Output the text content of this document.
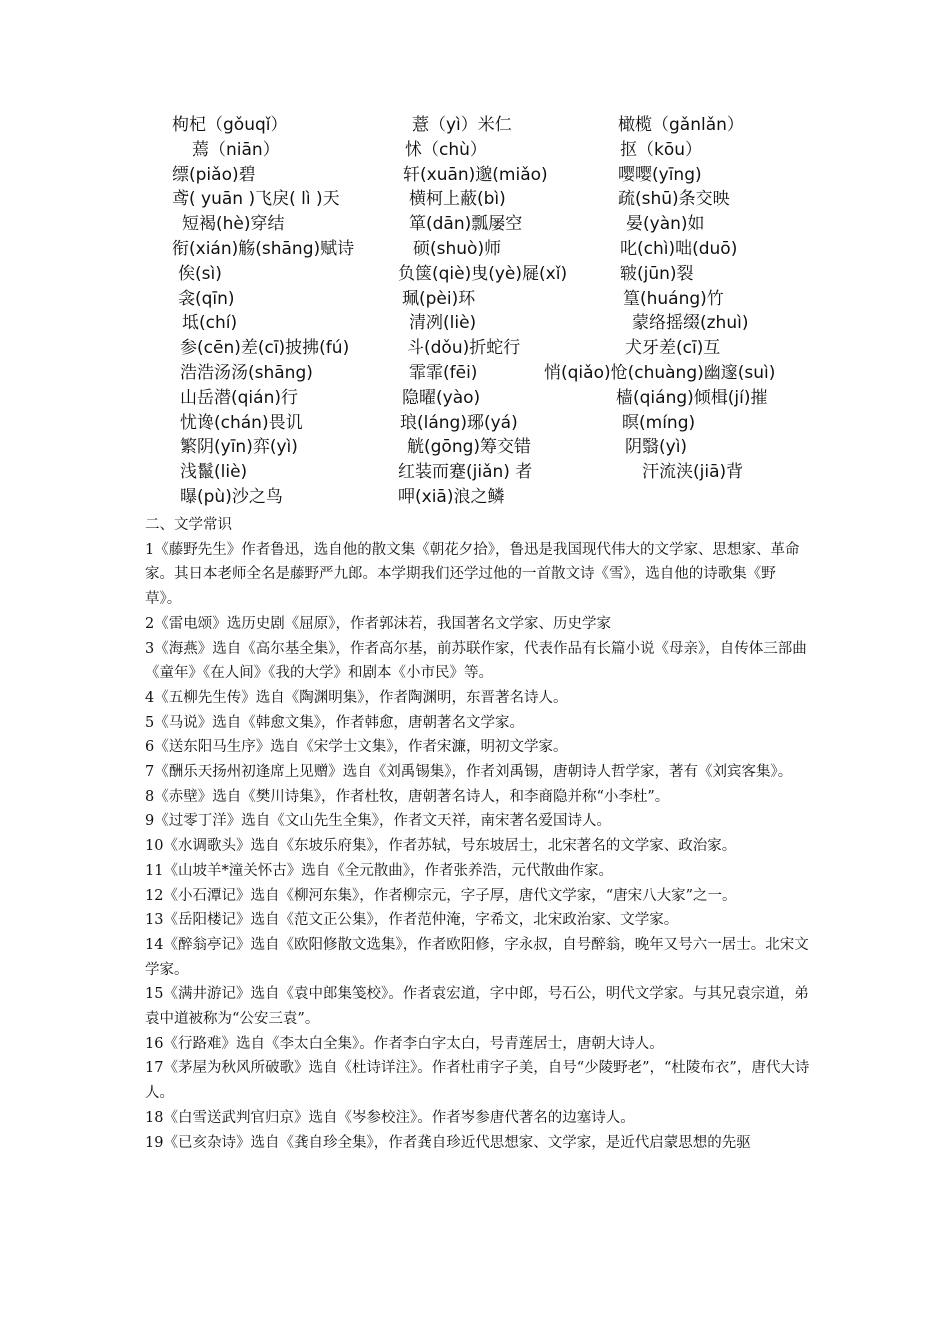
枸杞（gǒuqǐ）	薏（yì）米仁	橄榄（gǎnlǎn）
蔫（niān）	怵（chù）	抠（kōu）
缥(piǎo)碧	轩(xuān)邈(miǎo)	嘤嘤(yīng)
鸢( yuān )飞戾( lì )天	横柯上蔽(bì)	疏(shū)条交映
短褐(hè)穿结	箪(dān)瓢屡空	晏(yàn)如
衔(xián)觞(shāng)赋诗	硕(shuò)师	叱(chì)咄(duō)
俟(sì)	负箧(qiè)曳(yè)屣(xǐ)	皲(jūn)裂
衾(qīn)	珮(pèi)环	篁(huáng)竹
坻(chí)	清冽(liè)	蒙络摇缀(zhuì)
参(cēn)差(cī)披拂(fú)	斗(dǒu)折蛇行	犬牙差(cī)互
浩浩汤汤(shāng)	霏霏(fēi)	悄(qiǎo)怆(chuàng)幽邃(suì)
山岳潜(qián)行	隐曜(yào)	樯(qiáng)倾楫(jí)摧
忧谗(chán)畏讥	琅(láng)琊(yá)	暝(míng)
繁阴(yīn)弈(yì)	觥(gōng)筹交错	阴翳(yì)
浅鬣(liè)	红装而蹇(jiǎn) 者	汗流浃(jiā)背
曝(pù)沙之鸟	呷(xiā)浪之鳞
二、文学常识

1《藤野先生》作者鲁迅，选自他的散文集《朝花夕拾》，鲁迅是我国现代伟大的文学家、思想家、革命家。其日本老师全名是藤野严九郎。本学期我们还学过他的一首散文诗《雪》，选自他的诗歌集《野草》。

2《雷电颂》选历史剧《屈原》，作者郭沫若，我国著名文学家、历史学家

3《海燕》选自《高尔基全集》，作者高尔基，前苏联作家，代表作品有长篇小说《母亲》，自传体三部曲《童年》《在人间》《我的大学》和剧本《小市民》等。

4《五柳先生传》选自《陶渊明集》，作者陶渊明，东晋著名诗人。

5《马说》选自《韩愈文集》，作者韩愈，唐朝著名文学家。

6《送东阳马生序》选自《宋学士文集》，作者宋濂，明初文学家。

7《酬乐天扬州初逢席上见赠》选自《刘禹锡集》，作者刘禹锡，唐朝诗人哲学家，著有《刘宾客集》。

8《赤壁》选自《樊川诗集》，作者杜牧，唐朝著名诗人，和李商隐并称“小李杜”。

9《过零丁洋》选自《文山先生全集》，作者文天祥，南宋著名爱国诗人。

10《水调歌头》选自《东坡乐府集》，作者苏轼，号东坡居士，北宋著名的文学家、政治家。

11《山坡羊*潼关怀古》选自《全元散曲》，作者张养浩，元代散曲作家。

12《小石潭记》选自《柳河东集》，作者柳宗元，字子厚，唐代文学家，“唐宋八大家”之一。

13《岳阳楼记》选自《范文正公集》，作者范仲淹，字希文，北宋政治家、文学家。

14《醉翁亭记》选自《欧阳修散文选集》，作者欧阳修，字永叔，自号醉翁，晚年又号六一居士。北宋文学家。

15《满井游记》选自《袁中郎集笺校》。作者袁宏道，字中郎，号石公，明代文学家。与其兄袁宗道，弟袁中道被称为“公安三袁”。

16《行路难》选自《李太白全集》。作者李白字太白，号青莲居士，唐朝大诗人。

17《茅屋为秋风所破歌》选自《杜诗详注》。作者杜甫字子美，自号“少陵野老”，“杜陵布衣”，唐代大诗人。

18《白雪送武判官归京》选自《岑参校注》。作者岑参唐代著名的边塞诗人。

19《已亥杂诗》选自《龚自珍全集》，作者龚自珍近代思想家、文学家，是近代启蒙思想的先驱
